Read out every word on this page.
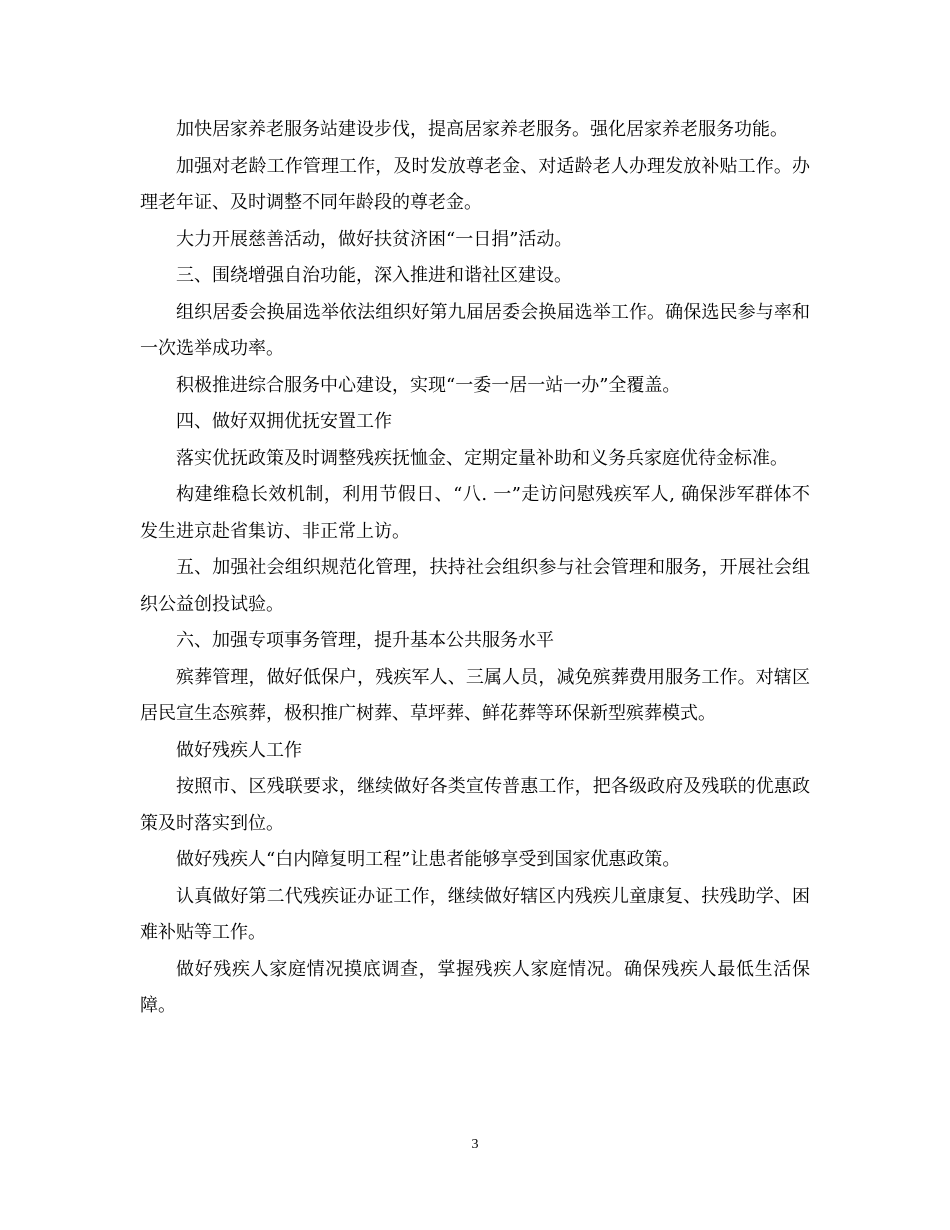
加快居家养老服务站建设步伐，提高居家养老服务。强化居家养老服务功能。

加强对老龄工作管理工作，及时发放尊老金、对适龄老人办理发放补贴工作。办理老年证、及时调整不同年龄段的尊老金。

大力开展慈善活动，做好扶贫济困“一日捐”活动。

三、围绕增强自治功能，深入推进和谐社区建设。

组织居委会换届选举依法组织好第九届居委会换届选举工作。确保选民参与率和一次选举成功率。

积极推进综合服务中心建设，实现“一委一居一站一办”全覆盖。

四、做好双拥优抚安置工作

落实优抚政策及时调整残疾抚恤金、定期定量补助和义务兵家庭优待金标准。

构建维稳长效机制，利用节假日、“八. 一”走访问慰残疾军人, 确保涉军群体不发生进京赴省集访、非正常上访。

五、加强社会组织规范化管理，扶持社会组织参与社会管理和服务，开展社会组织公益创投试验。

六、加强专项事务管理，提升基本公共服务水平

殡葬管理，做好低保户，残疾军人、三属人员，减免殡葬费用服务工作。对辖区居民宣生态殡葬，极积推广树葬、草坪葬、鲜花葬等环保新型殡葬模式。

做好残疾人工作

按照市、区残联要求，继续做好各类宣传普惠工作，把各级政府及残联的优惠政策及时落实到位。

做好残疾人“白内障复明工程”让患者能够享受到国家优惠政策。

认真做好第二代残疾证办证工作，继续做好辖区内残疾儿童康复、扶残助学、困难补贴等工作。

做好残疾人家庭情况摸底调查，掌握残疾人家庭情况。确保残疾人最低生活保障。

3
